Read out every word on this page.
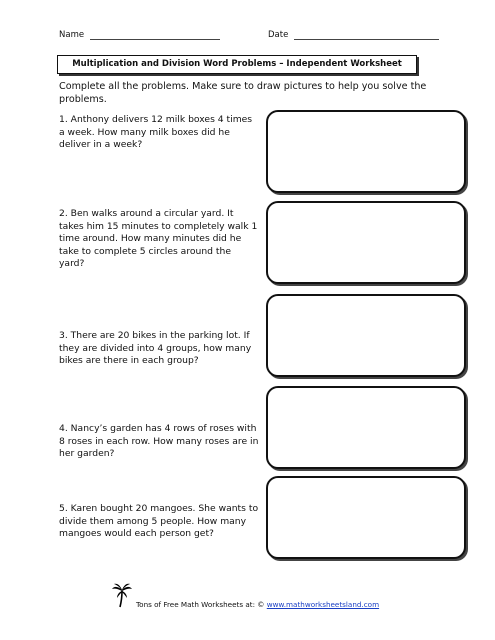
Name	Date
Multiplication and Division Word Problems – Independent Worksheet
Complete all the problems. Make sure to draw pictures to help you solve the problems.
1. Anthony delivers 12 milk boxes 4 times a week. How many milk boxes did he deliver in a week?
2. Ben walks around a circular yard. It takes him 15 minutes to completely walk 1 time around. How many minutes did he take to complete 5 circles around the yard?
3. There are 20 bikes in the parking lot. If they are divided into 4 groups, how many bikes are there in each group?
4. Nancy’s garden has 4 rows of roses with 8 roses in each row. How many roses are in her garden?
5. Karen bought 20 mangoes. She wants to divide them among 5 people. How many mangoes would each person get?
Tons of Free Math Worksheets at: © www.mathworksheetsland.com
